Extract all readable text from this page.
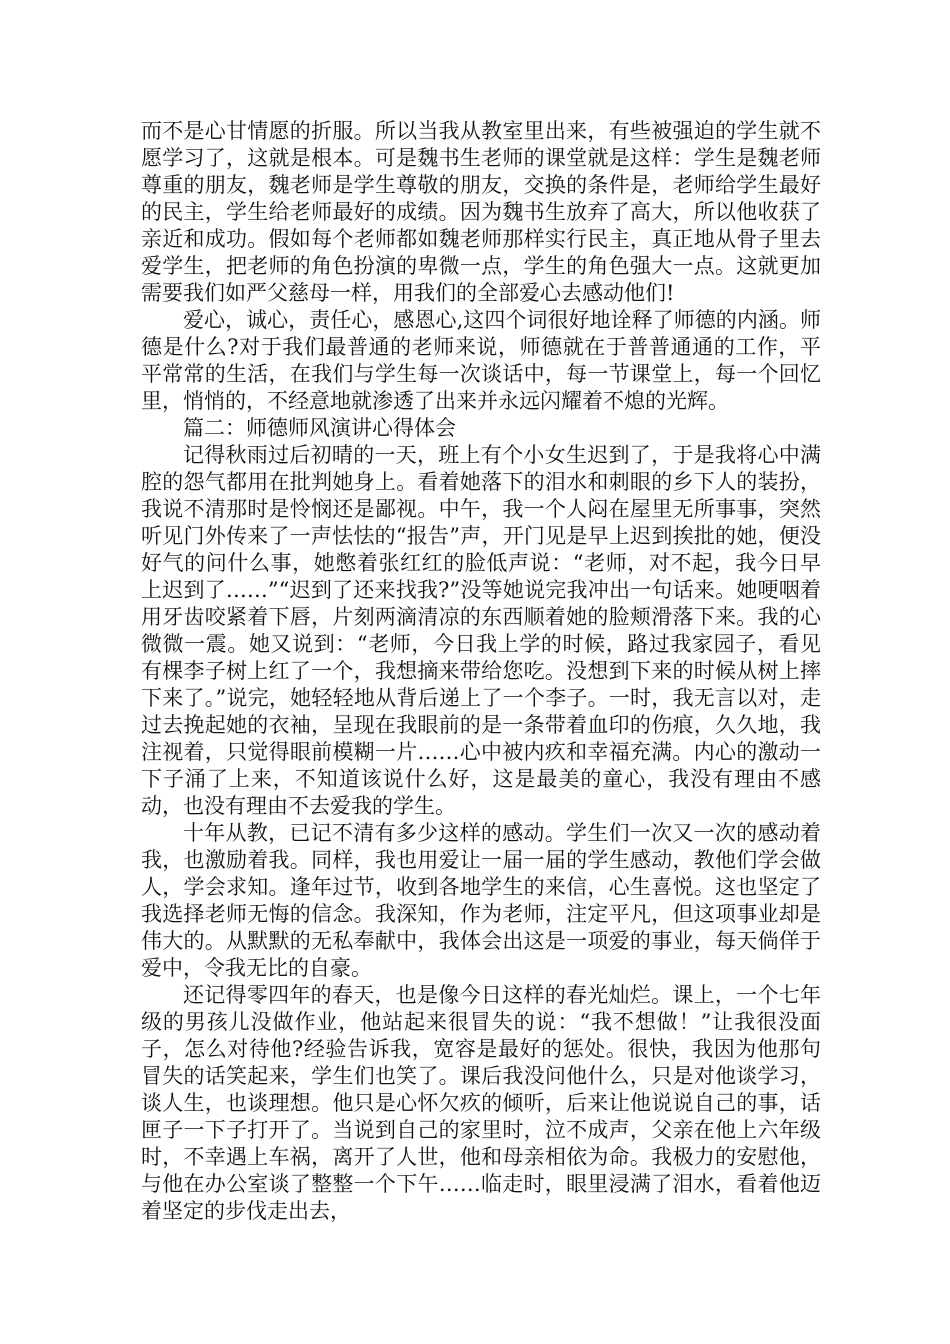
而不是心甘情愿的折服。所以当我从教室里出来，有些被强迫的学生就不愿学习了，这就是根本。可是魏书生老师的课堂就是这样：学生是魏老师尊重的朋友，魏老师是学生尊敬的朋友，交换的条件是，老师给学生最好的民主，学生给老师最好的成绩。因为魏书生放弃了高大，所以他收获了亲近和成功。假如每个老师都如魏老师那样实行民主，真正地从骨子里去爱学生，把老师的角色扮演的卑微一点，学生的角色强大一点。这就更加需要我们如严父慈母一样，用我们的全部爱心去感动他们!

爱心，诚心，责任心，感恩心,这四个词很好地诠释了师德的内涵。师德是什么?对于我们最普通的老师来说，师德就在于普普通通的工作，平平常常的生活，在我们与学生每一次谈话中，每一节课堂上，每一个回忆里，悄悄的，不经意地就渗透了出来并永远闪耀着不熄的光辉。

篇二：师德师风演讲心得体会

记得秋雨过后初晴的一天，班上有个小女生迟到了，于是我将心中满腔的怨气都用在批判她身上。看着她落下的泪水和刺眼的乡下人的装扮，我说不清那时是怜悯还是鄙视。中午，我一个人闷在屋里无所事事，突然听见门外传来了一声怯怯的“报告”声，开门见是早上迟到挨批的她，便没好气的问什么事，她憋着张红红的脸低声说：“老师，对不起，我今日早上迟到了……”“迟到了还来找我?”没等她说完我冲出一句话来。她哽咽着用牙齿咬紧着下唇，片刻两滴清凉的东西顺着她的脸颊滑落下来。我的心微微一震。她又说到：“老师，今日我上学的时候，路过我家园子，看见有棵李子树上红了一个，我想摘来带给您吃。没想到下来的时候从树上摔下来了。”说完，她轻轻地从背后递上了一个李子。一时，我无言以对，走过去挽起她的衣袖，呈现在我眼前的是一条带着血印的伤痕，久久地，我注视着，只觉得眼前模糊一片……心中被内疚和幸福充满。内心的激动一下子涌了上来，不知道该说什么好，这是最美的童心，我没有理由不感动，也没有理由不去爱我的学生。

十年从教，已记不清有多少这样的感动。学生们一次又一次的感动着我，也激励着我。同样，我也用爱让一届一届的学生感动，教他们学会做人，学会求知。逢年过节，收到各地学生的来信，心生喜悦。这也坚定了我选择老师无悔的信念。我深知，作为老师，注定平凡，但这项事业却是伟大的。从默默的无私奉献中，我体会出这是一项爱的事业，每天倘佯于爱中，令我无比的自豪。

还记得零四年的春天，也是像今日这样的春光灿烂。课上，一个七年级的男孩儿没做作业，他站起来很冒失的说：“我不想做！”让我很没面子，怎么对待他?经验告诉我，宽容是最好的惩处。很快，我因为他那句冒失的话笑起来，学生们也笑了。课后我没问他什么，只是对他谈学习，谈人生，也谈理想。他只是心怀欠疚的倾听，后来让他说说自己的事，话匣子一下子打开了。当说到自己的家里时，泣不成声，父亲在他上六年级时，不幸遇上车祸，离开了人世，他和母亲相依为命。我极力的安慰他，与他在办公室谈了整整一个下午……临走时，眼里浸满了泪水，看着他迈着坚定的步伐走出去，
